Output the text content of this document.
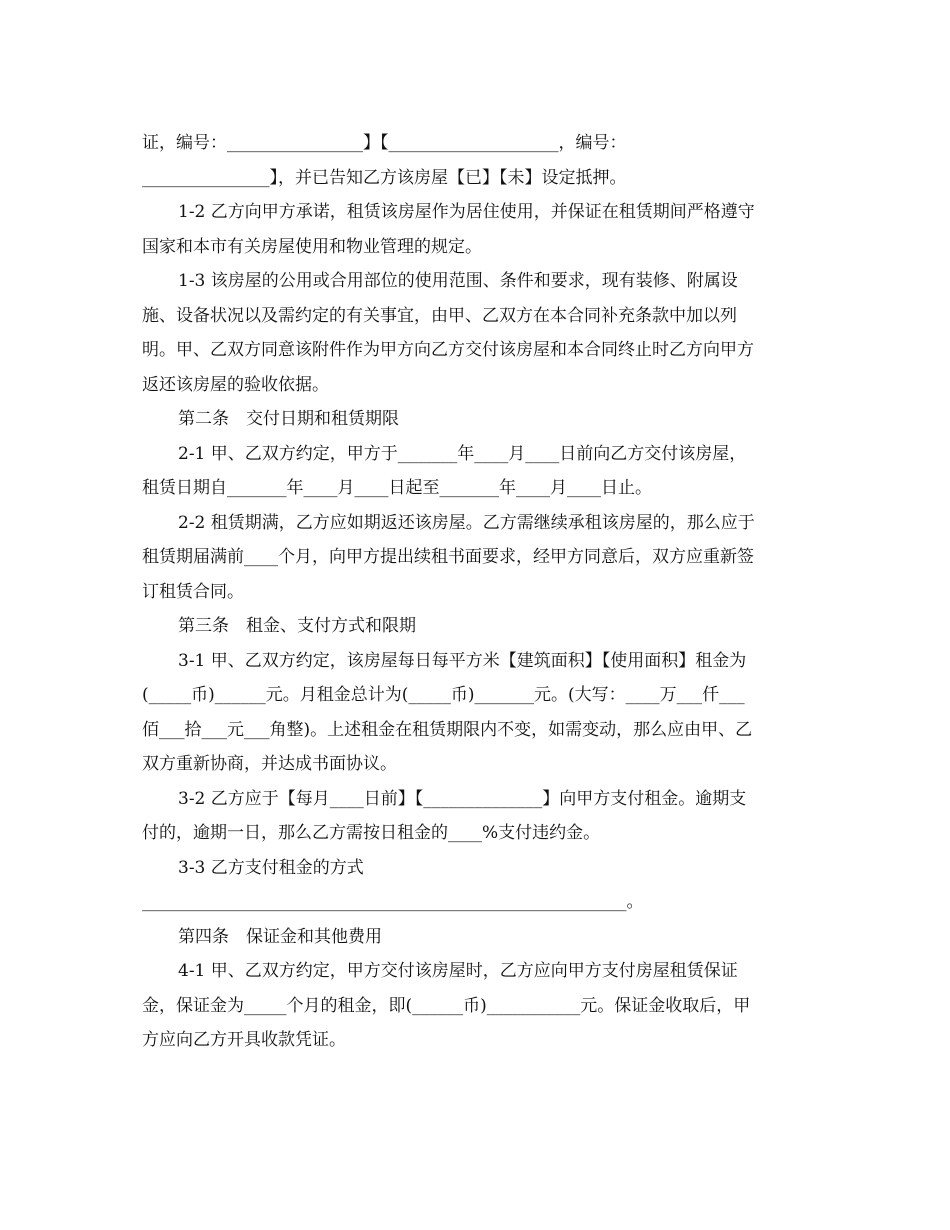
证，编号：________________】【____________________，编号：
_______________】，并已告知乙方该房屋【已】【未】设定抵押。
1-2 乙方向甲方承诺，租赁该房屋作为居住使用，并保证在租赁期间严格遵守
国家和本市有关房屋使用和物业管理的规定。
1-3 该房屋的公用或合用部位的使用范围、条件和要求，现有装修、附属设
施、设备状况以及需约定的有关事宜，由甲、乙双方在本合同补充条款中加以列
明。甲、乙双方同意该附件作为甲方向乙方交付该房屋和本合同终止时乙方向甲方
返还该房屋的验收依据。
第二条　交付日期和租赁期限
2-1 甲、乙双方约定，甲方于_______年____月____日前向乙方交付该房屋，
租赁日期自_______年____月____日起至_______年____月____日止。
2-2 租赁期满，乙方应如期返还该房屋。乙方需继续承租该房屋的，那么应于
租赁期届满前____个月，向甲方提出续租书面要求，经甲方同意后，双方应重新签
订租赁合同。
第三条　租金、支付方式和限期
3-1 甲、乙双方约定，该房屋每日每平方米【建筑面积】【使用面积】租金为
(_____币)______元。月租金总计为(_____币)_______元。(大写：____万___仟___
佰___拾___元___角整)。上述租金在租赁期限内不变，如需变动，那么应由甲、乙
双方重新协商，并达成书面协议。
3-2 乙方应于【每月____日前】【______________】向甲方支付租金。逾期支
付的，逾期一日，那么乙方需按日租金的____%支付违约金。
3-3 乙方支付租金的方式
_________________________________________________________。
第四条　保证金和其他费用
4-1 甲、乙双方约定，甲方交付该房屋时，乙方应向甲方支付房屋租赁保证
金，保证金为_____个月的租金，即(______币)___________元。保证金收取后，甲
方应向乙方开具收款凭证。
